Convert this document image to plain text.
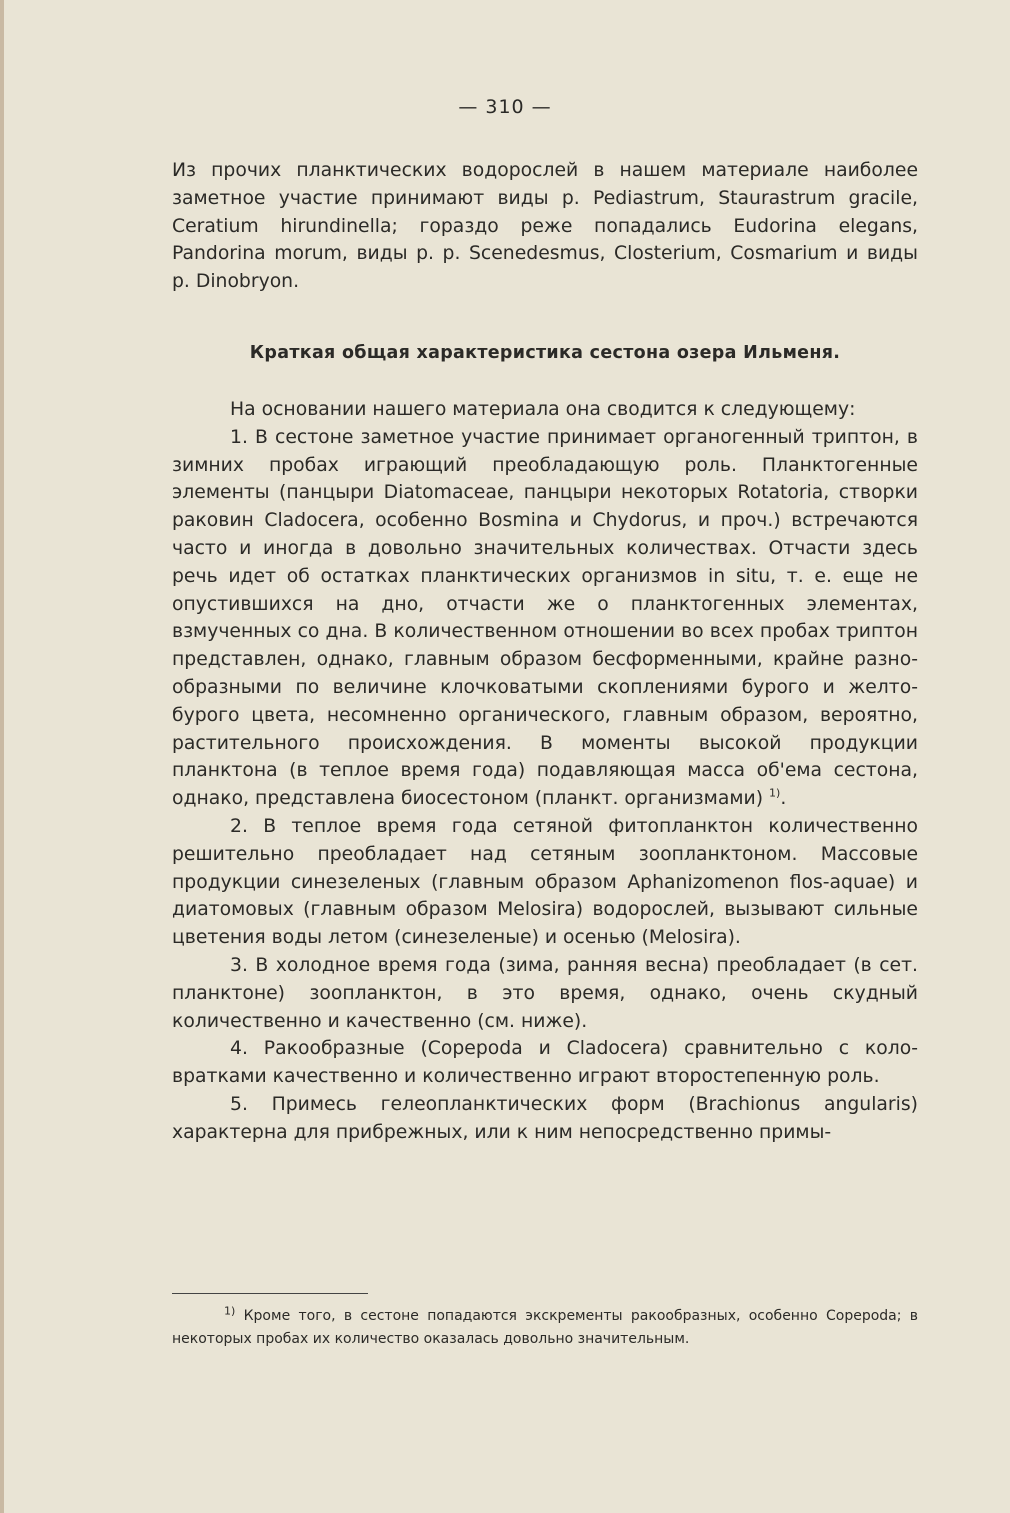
— 310 —

Из прочих планктических водорослей в нашем материале наиболее заметное участие принимают виды р. Pediastrum, Staurastrum gracile, Ceratium hirundinella; гораздо реже попадались Eudorina elegans, Pandorina morum, виды р. р. Scenedesmus, Closterium, Cosmarium и виды р. Dinobryon.

Краткая общая характеристика сестона озера Ильменя.

На основании нашего материала она сводится к следующему:

1. В сестоне заметное участие принимает органогенный триптон, в зимних пробах играющий преобладающую роль. Планктогенные элементы (панцыри Diatomaceae, панцыри некоторых Rotatoria, створки раковин Cladocera, особенно Bosmina и Chydorus, и проч.) встречаются часто и иногда в довольно значительных количествах. Отчасти здесь речь идет об остатках планктических организмов in situ, т. е. еще не опустившихся на дно, отчасти же о планктогенных элементах, взмученных со дна. В количественном отношении во всех пробах триптон представлен, однако, главным образом бесформенными, крайне разнообразными по величине клочковатыми скоплениями бурого и желто-бурого цвета, несомненно органического, главным образом, вероятно, растительного происхождения. В моменты высокой продукции планктона (в теплое время года) подавляющая масса об'ема сестона, однако, представлена биосестоном (планкт. организмами) $^{1)}$.

2. В теплое время года сетяной фитопланктон количественно решительно преобладает над сетяным зоопланктоном. Массовые продукции синезеленых (главным образом Aphanizomenon flos-aquae) и диатомовых (главным образом Melosira) водорослей, вызывают сильные цветения воды летом (синезеленые) и осенью (Melosira).

3. В холодное время года (зима, ранняя весна) преобладает (в сет. планктоне) зоопланктон, в это время, однако, очень скудный количественно и качественно (см. ниже).

4. Ракообразные (Copepoda и Cladocera) сравнительно с коловратками качественно и количественно играют второстепенную роль.

5. Примесь гелеопланктических форм (Brachionus angularis) характерна для прибрежных, или к ним непосредственно примы-

$^{1)}$ Кроме того, в сестоне попадаются экскременты ракообразных, особенно Copepoda; в некоторых пробах их количество оказалась довольно значительным.
